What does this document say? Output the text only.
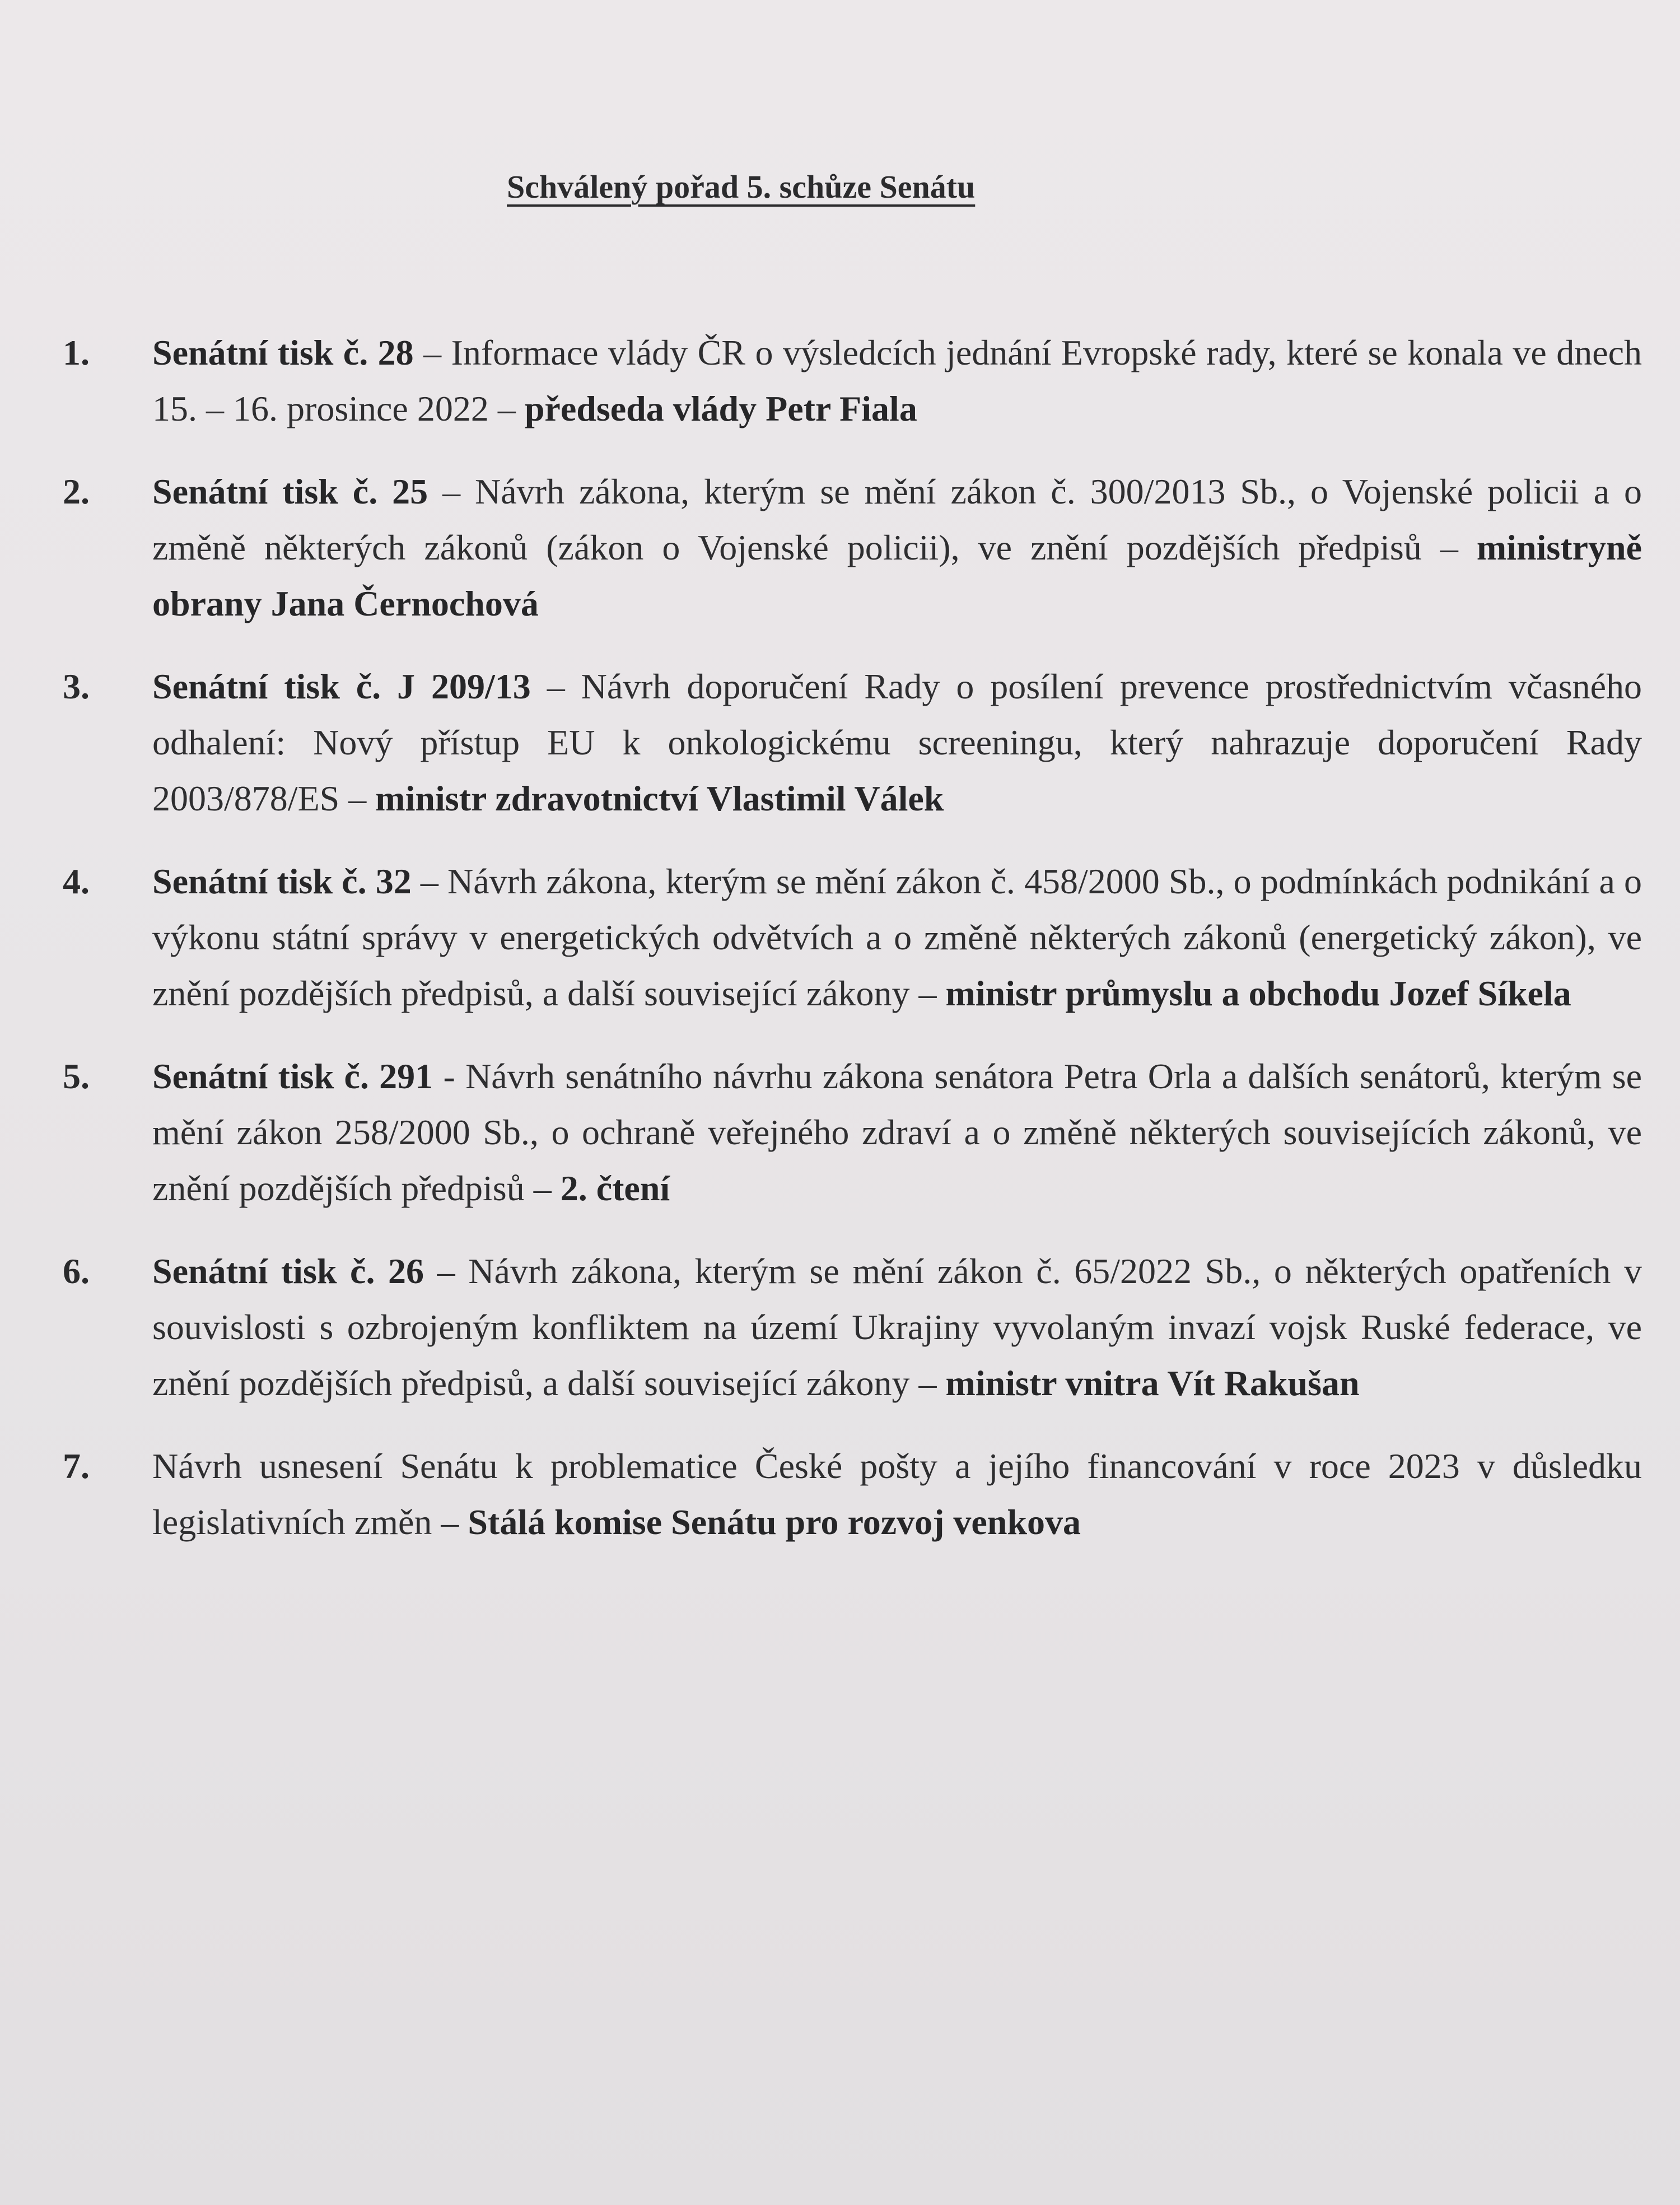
Schválený pořad 5. schůze Senátu
1. Senátní tisk č. 28 – Informace vlády ČR o výsledcích jednání Evropské rady, které se konala ve dnech 15. – 16. prosince 2022 – předseda vlády Petr Fiala
2. Senátní tisk č. 25 – Návrh zákona, kterým se mění zákon č. 300/2013 Sb., o Vojenské policii a o změně některých zákonů (zákon o Vojenské policii), ve znění pozdějších předpisů – ministryně obrany Jana Černochová
3. Senátní tisk č. J 209/13 – Návrh doporučení Rady o posílení prevence prostřednictvím včasného odhalení: Nový přístup EU k onkologickému screeningu, který nahrazuje doporučení Rady 2003/878/ES – ministr zdravotnictví Vlastimil Válek
4. Senátní tisk č. 32 – Návrh zákona, kterým se mění zákon č. 458/2000 Sb., o podmínkách podnikání a o výkonu státní správy v energetických odvětvích a o změně některých zákonů (energetický zákon), ve znění pozdějších předpisů, a další související zákony – ministr průmyslu a obchodu Jozef Síkela
5. Senátní tisk č. 291 - Návrh senátního návrhu zákona senátora Petra Orla a dalších senátorů, kterým se mění zákon 258/2000 Sb., o ochraně veřejného zdraví a o změně některých souvisejících zákonů, ve znění pozdějších předpisů – 2. čtení
6. Senátní tisk č. 26 – Návrh zákona, kterým se mění zákon č. 65/2022 Sb., o některých opatřeních v souvislosti s ozbrojeným konfliktem na území Ukrajiny vyvolaným invazí vojsk Ruské federace, ve znění pozdějších předpisů, a další související zákony – ministr vnitra Vít Rakušan
7. Návrh usnesení Senátu k problematice České pošty a jejího financování v roce 2023 v důsledku legislativních změn – Stálá komise Senátu pro rozvoj venkova
